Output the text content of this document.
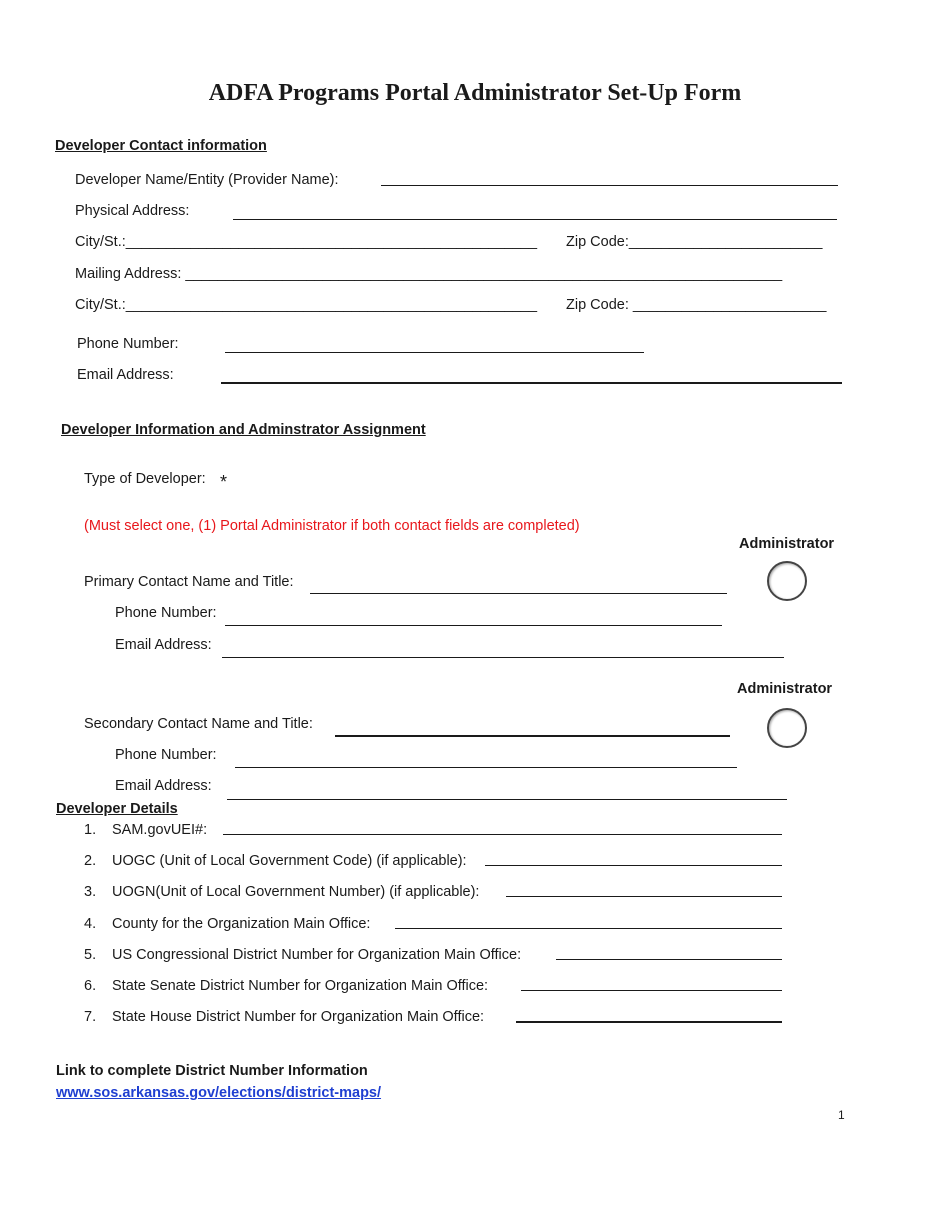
ADFA Programs Portal Administrator Set-Up Form
Developer Contact information
Developer Name/Entity (Provider Name):
Physical Address:
City/St.:___________________________________________________ Zip Code:________________________
Mailing Address: __________________________________________________________________________
City/St.:___________________________________________________ Zip Code: ________________________
Phone Number:
Email Address:
Developer Information and Adminstrator Assignment
Type of Developer: *
(Must select one, (1) Portal Administrator if both contact fields are completed)
Administrator
Primary Contact Name and Title:
Phone Number:
Email Address:
Administrator
Secondary Contact Name and Title:
Phone Number:
Email Address:
Developer Details
1. SAM.govUEI#:
2. UOGC (Unit of Local Government Code) (if applicable):
3. UOGN(Unit of Local Government Number) (if applicable):
4. County for the Organization Main Office:
5. US Congressional District Number for Organization Main Office:
6. State Senate District Number for Organization Main Office:
7. State House District Number for Organization Main Office:
Link to complete District Number Information
www.sos.arkansas.gov/elections/district-maps/
1
